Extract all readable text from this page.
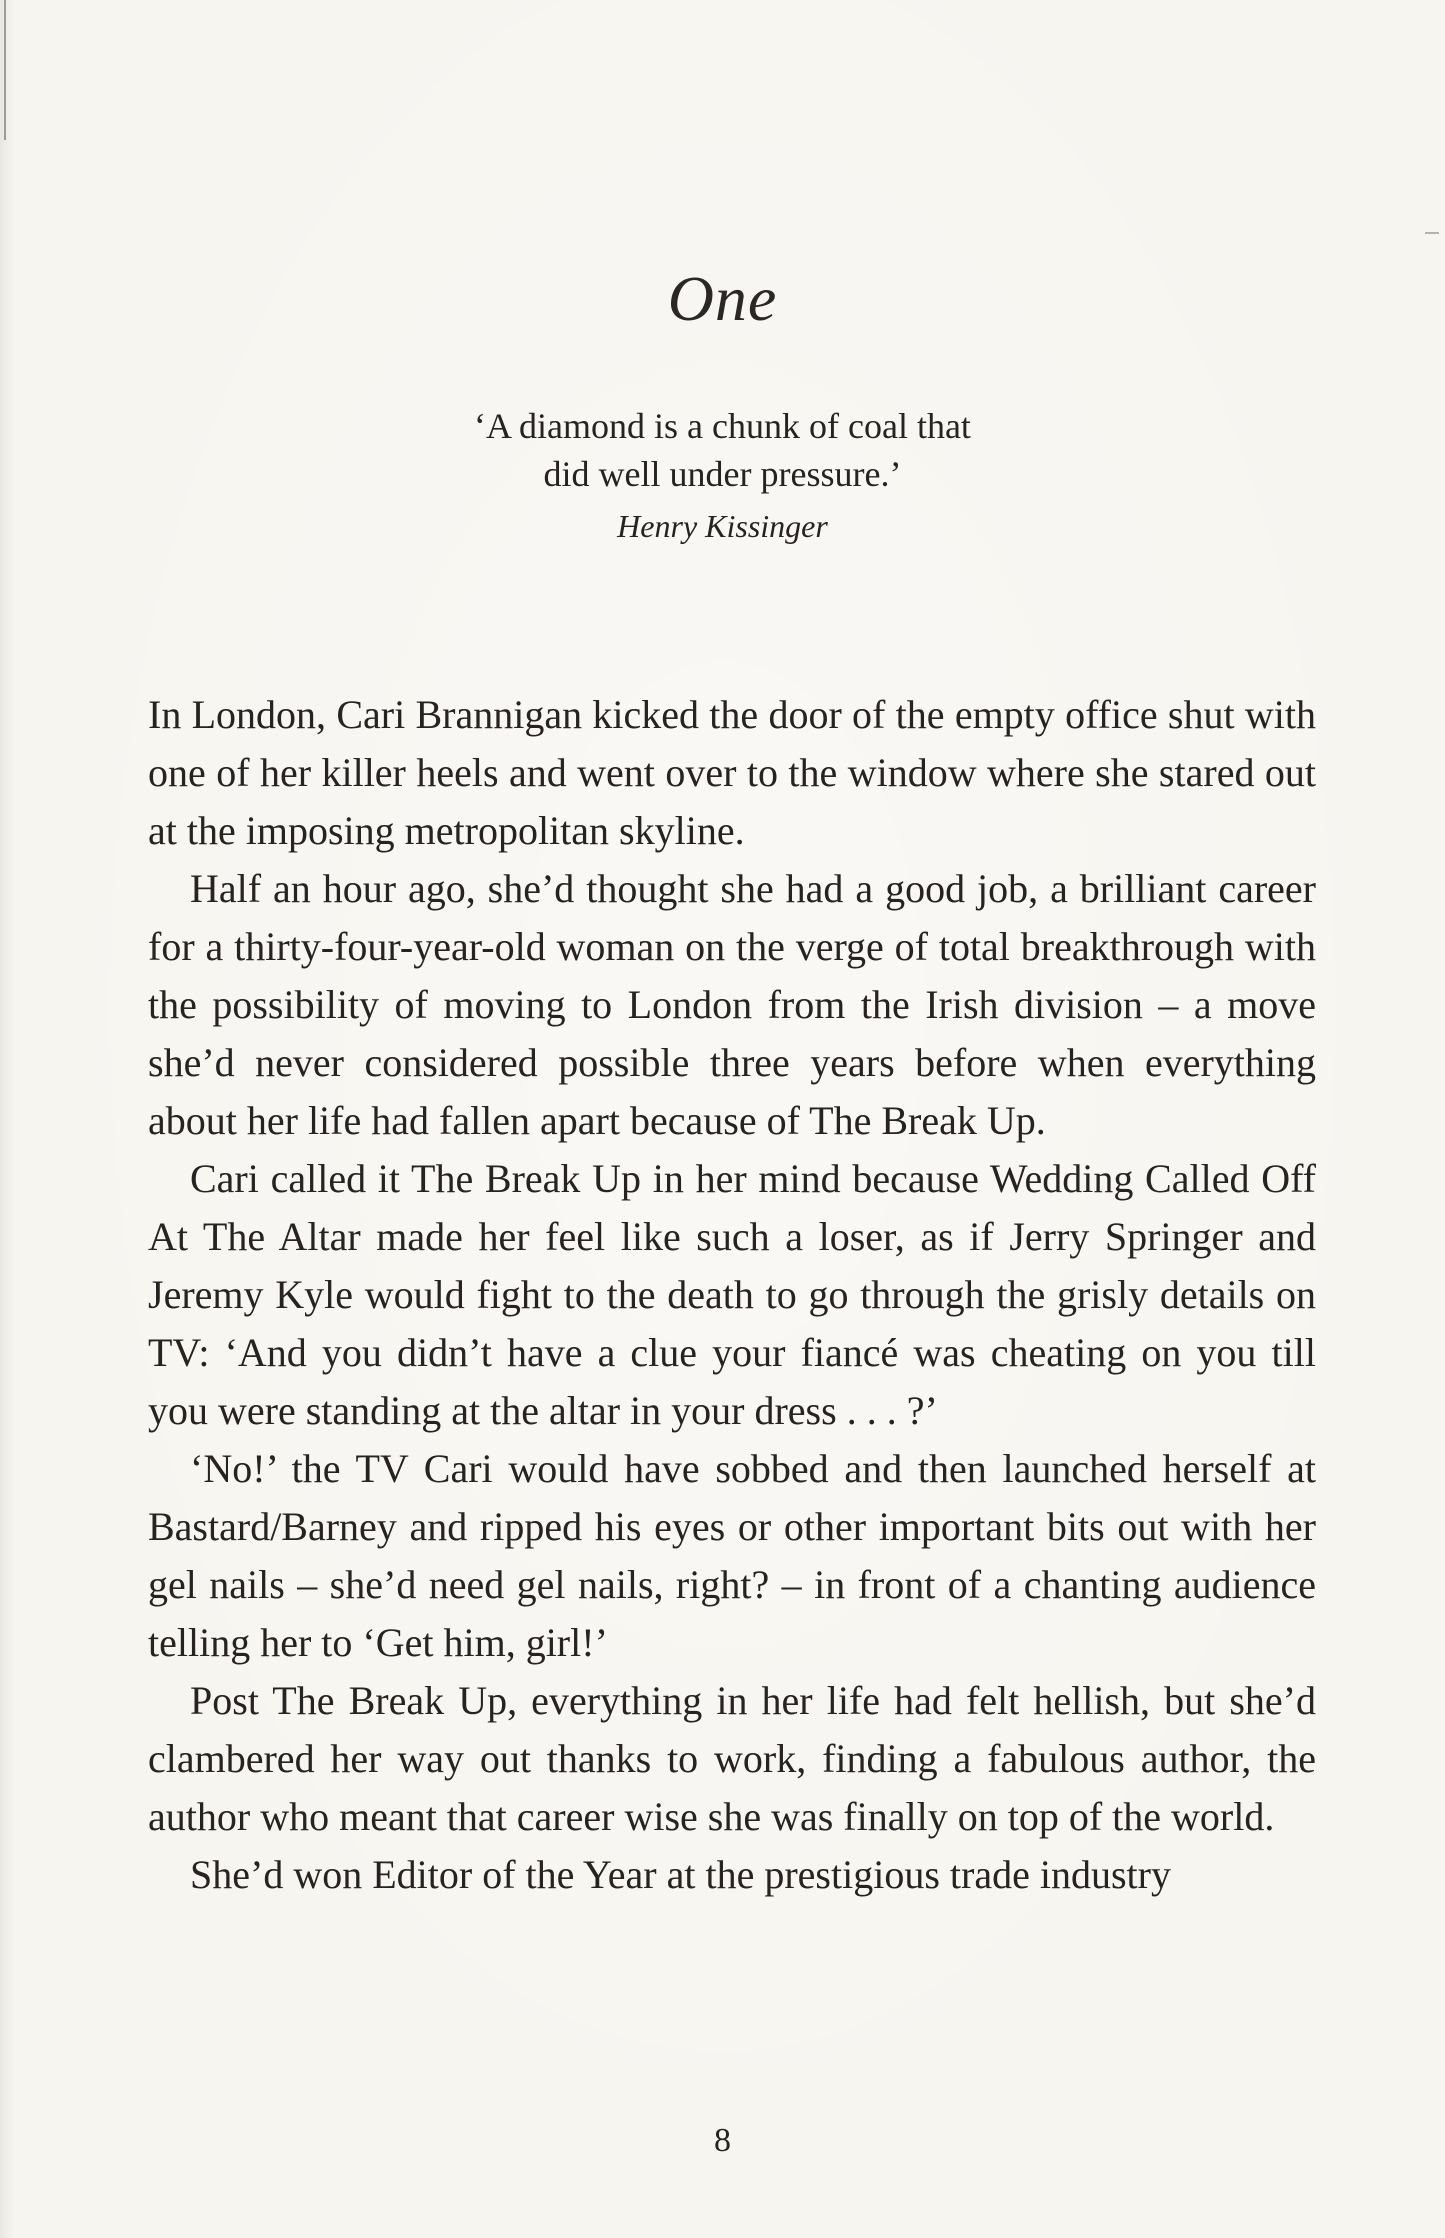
One
‘A diamond is a chunk of coal that
did well under pressure.’
Henry Kissinger

In London, Cari Brannigan kicked the door of the empty office shut with one of her killer heels and went over to the window where she stared out at the imposing metropolitan skyline.

Half an hour ago, she’d thought she had a good job, a brilliant career for a thirty-four-year-old woman on the verge of total breakthrough with the possibility of moving to London from the Irish division – a move she’d never considered possible three years before when everything about her life had fallen apart because of The Break Up.

Cari called it The Break Up in her mind because Wedding Called Off At The Altar made her feel like such a loser, as if Jerry Springer and Jeremy Kyle would fight to the death to go through the grisly details on TV: ‘And you didn’t have a clue your fiancé was cheating on you till you were standing at the altar in your dress . . . ?’

‘No!’ the TV Cari would have sobbed and then launched herself at Bastard/Barney and ripped his eyes or other important bits out with her gel nails – she’d need gel nails, right? – in front of a chanting audience telling her to ‘Get him, girl!’

Post The Break Up, everything in her life had felt hellish, but she’d clambered her way out thanks to work, finding a fabulous author, the author who meant that career wise she was finally on top of the world.

She’d won Editor of the Year at the prestigious trade industry

8
